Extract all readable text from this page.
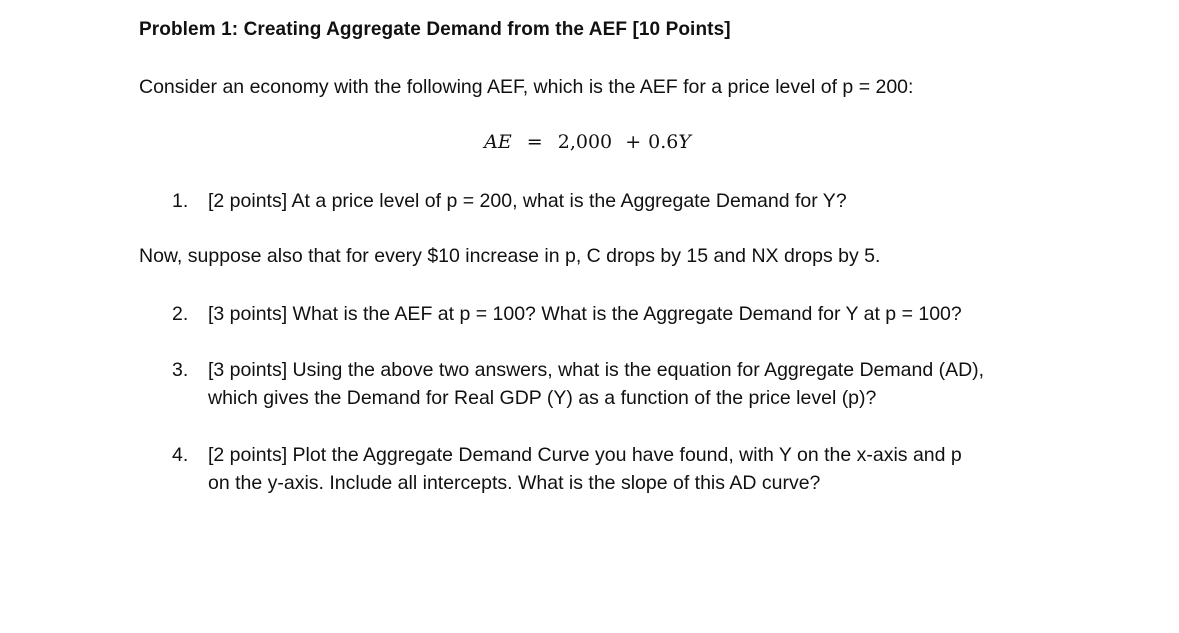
Problem 1: Creating Aggregate Demand from the AEF [10 Points]
Consider an economy with the following AEF, which is the AEF for a price level of p = 200:
AE = 2,000 + 0.6Y
1. [2 points] At a price level of p = 200, what is the Aggregate Demand for Y?
Now, suppose also that for every $10 increase in p, C drops by 15 and NX drops by 5.
2. [3 points] What is the AEF at p = 100? What is the Aggregate Demand for Y at p = 100?
3. [3 points] Using the above two answers, what is the equation for Aggregate Demand (AD),
which gives the Demand for Real GDP (Y) as a function of the price level (p)?
4. [2 points] Plot the Aggregate Demand Curve you have found, with Y on the x-axis and p
on the y-axis. Include all intercepts. What is the slope of this AD curve?
